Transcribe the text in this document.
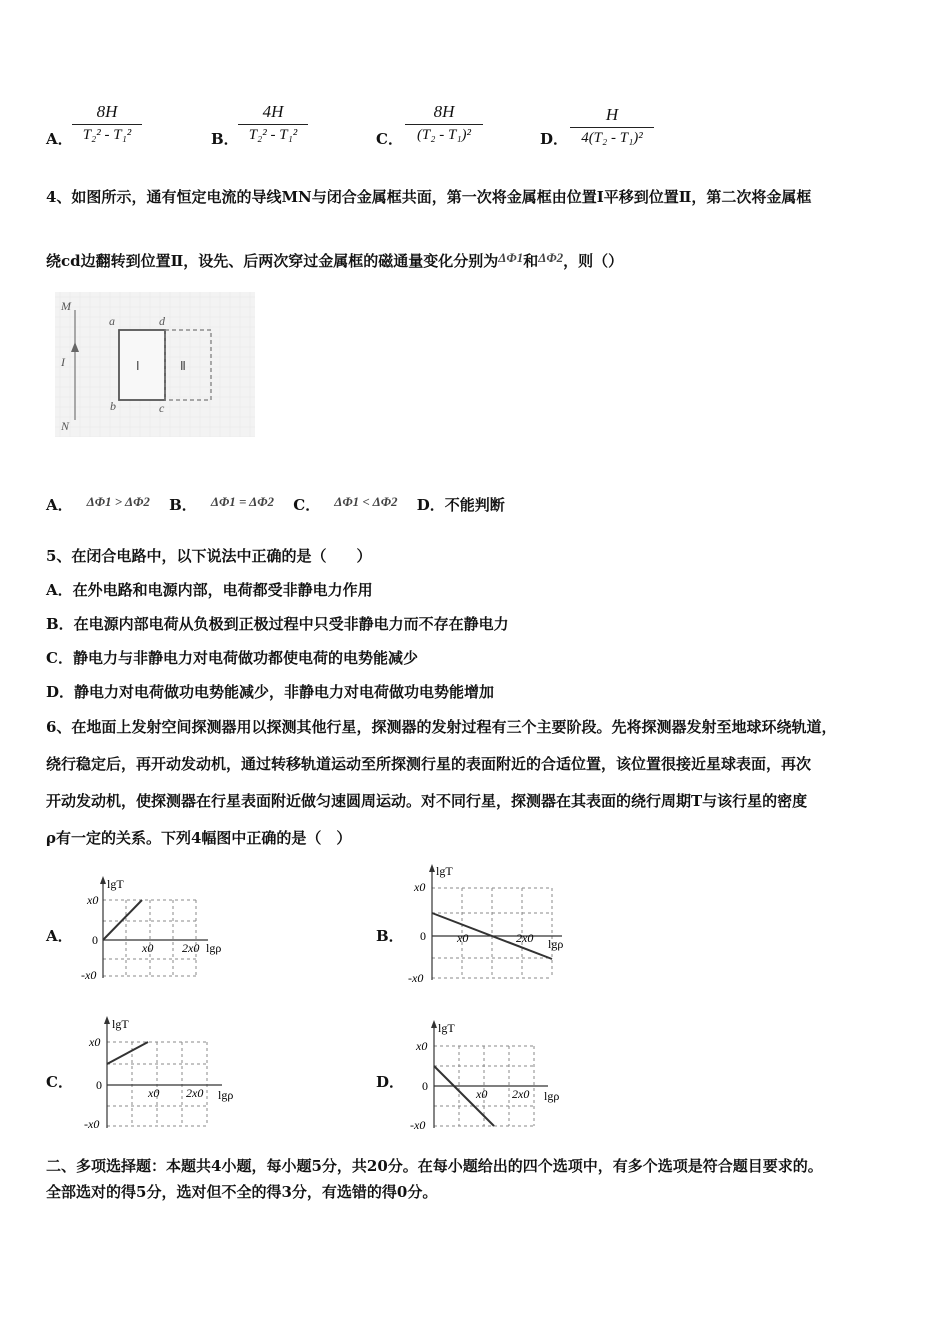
A．
8H
T₂² - T₁²	B．
4H
T₂² - T₁²	C．
8H
(T₂ - T₁)²	D．
H
4(T₂ - T₁)²
4、如图所示，通有恒定电流的导线MN与闭合金属框共面，第一次将金属框由位置Ⅰ平移到位置Ⅱ，第二次将金属框
绕cd边翻转到位置Ⅱ，设先、后两次穿过金属框的磁通量变化分别为ΔΦ1和ΔΦ2，则（）
M
I
N
a	d
b	c
Ⅰ	Ⅱ
A． ΔΦ1 > ΔΦ2 B． ΔΦ1 = ΔΦ2 C． ΔΦ1 < ΔΦ2 D．不能判断
5、在闭合电路中，以下说法中正确的是（　　）
A．在外电路和电源内部，电荷都受非静电力作用
B．在电源内部电荷从负极到正极过程中只受非静电力而不存在静电力
C．静电力与非静电力对电荷做功都使电荷的电势能减少
D．静电力对电荷做功电势能减少，非静电力对电荷做功电势能增加
6、在地面上发射空间探测器用以探测其他行星，探测器的发射过程有三个主要阶段。先将探测器发射至地球环绕轨道，
绕行稳定后，再开动发动机，通过转移轨道运动至所探测行星的表面附近的合适位置，该位置很接近星球表面，再次
开动发动机，使探测器在行星表面附近做匀速圆周运动。对不同行星，探测器在其表面的绕行周期T与该行星的密度
ρ有一定的关系。下列4幅图中正确的是（　）
A．	B．
C．	D．
lgT
x0
0
-x0
x0 2x0 lgρ
lgT
x0
0
-x0
x0	2x0 lgρ
lgT
x0
0
-x0
x0 2x0 lgρ
lgT
x0
0
-x0
x0 2x0 lgρ
二、多项选择题：本题共4小题，每小题5分，共20分。在每小题给出的四个选项中，有多个选项是符合题目要求的。
全部选对的得5分，选对但不全的得3分，有选错的得0分。
